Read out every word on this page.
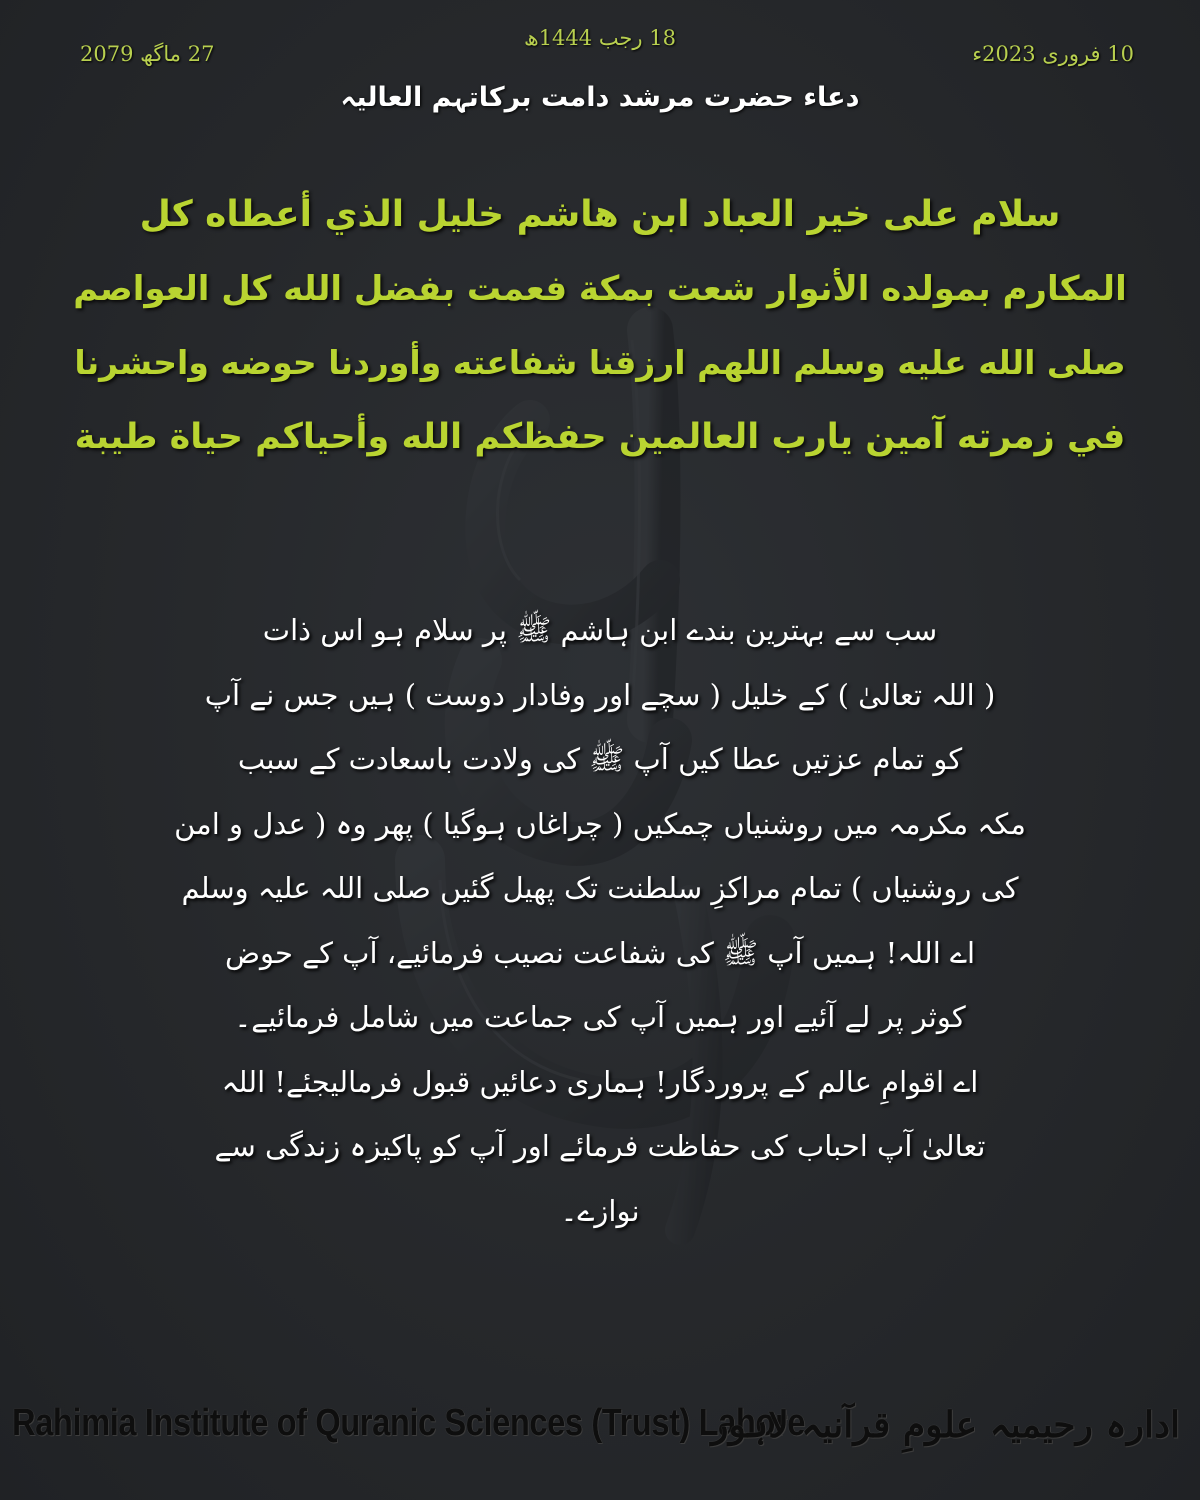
27 ماگھ 2079
18 رجب 1444ھ
10 فروری 2023ء
دعاء حضرت مرشد دامت برکاتہم العالیہ
سلام على خير العباد ابن هاشم خليل الذي أعطاه كل
المكارم بمولده الأنوار شعت بمكة فعمت بفضل الله كل العواصم
صلى الله عليه وسلم اللهم ارزقنا شفاعته وأوردنا حوضه واحشرنا
في زمرته آمين يارب العالمين حفظكم الله وأحياكم حياة طيبة
سب سے بہترین بندے ابن ہاشم ﷺ پر سلام ہو اس ذات
( اللہ تعالیٰ ) کے خلیل ( سچے اور وفادار دوست ) ہیں جس نے آپ
کو تمام عزتیں عطا کیں آپ ﷺ کی ولادت باسعادت کے سبب
مکہ مکرمہ میں روشنیاں چمکیں ( چراغاں ہوگیا ) پھر وہ ( عدل و امن
کی روشنیاں ) تمام مراکزِ سلطنت تک پھیل گئیں صلی اللہ علیہ وسلم
اے اللہ! ہمیں آپ ﷺ کی شفاعت نصیب فرمائیے، آپ کے حوض
کوثر پر لے آئیے اور ہمیں آپ کی جماعت میں شامل فرمائیے۔
اے اقوامِ عالم کے پروردگار! ہماری دعائیں قبول فرمالیجئے! اللہ
تعالیٰ آپ احباب کی حفاظت فرمائے اور آپ کو پاکیزہ زندگی سے
نوازے۔
Rahimia Institute of Quranic Sciences (Trust) Lahore
ادارہ رحیمیہ علومِ قرآنیہ لاہور
